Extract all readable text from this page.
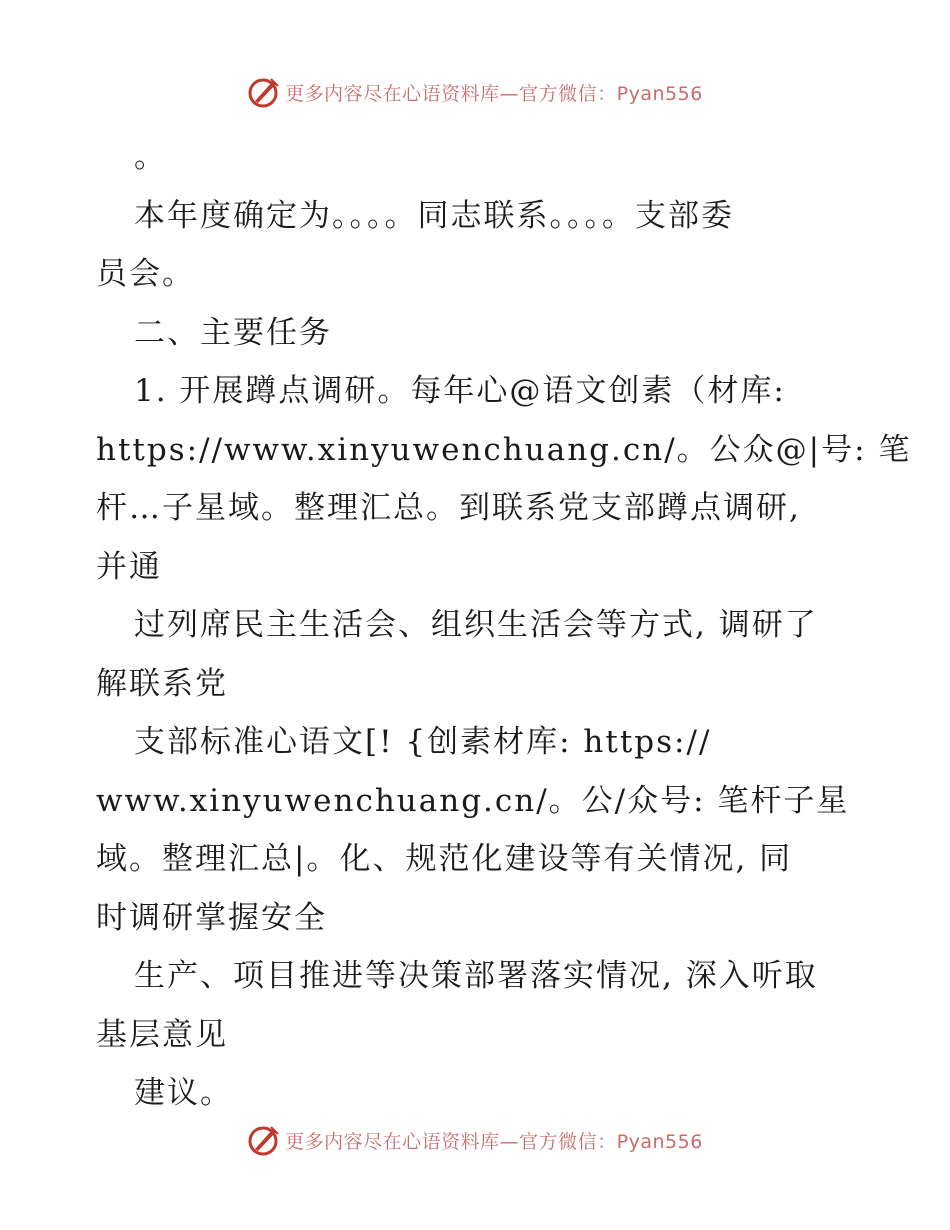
更多内容尽在心语资料库—官方微信：Pyan556
。
本年度确定为。。。。同志联系。。。。支部委
员会。
二、主要任务
1. 开展蹲点调研。每年心@语文创素（材库:
https://www.xinyuwenchuang.cn/。公众@|号: 笔
杆…子星域。整理汇总。到联系党支部蹲点调研,
并通
过列席民主生活会、组织生活会等方式, 调研了
解联系党
支部标准心语文[! {创素材库: https://
www.xinyuwenchuang.cn/。公/众号: 笔杆子星
域。整理汇总|。化、规范化建设等有关情况, 同
时调研掌握安全
生产、项目推进等决策部署落实情况, 深入听取
基层意见
建议。
更多内容尽在心语资料库—官方微信：Pyan556
